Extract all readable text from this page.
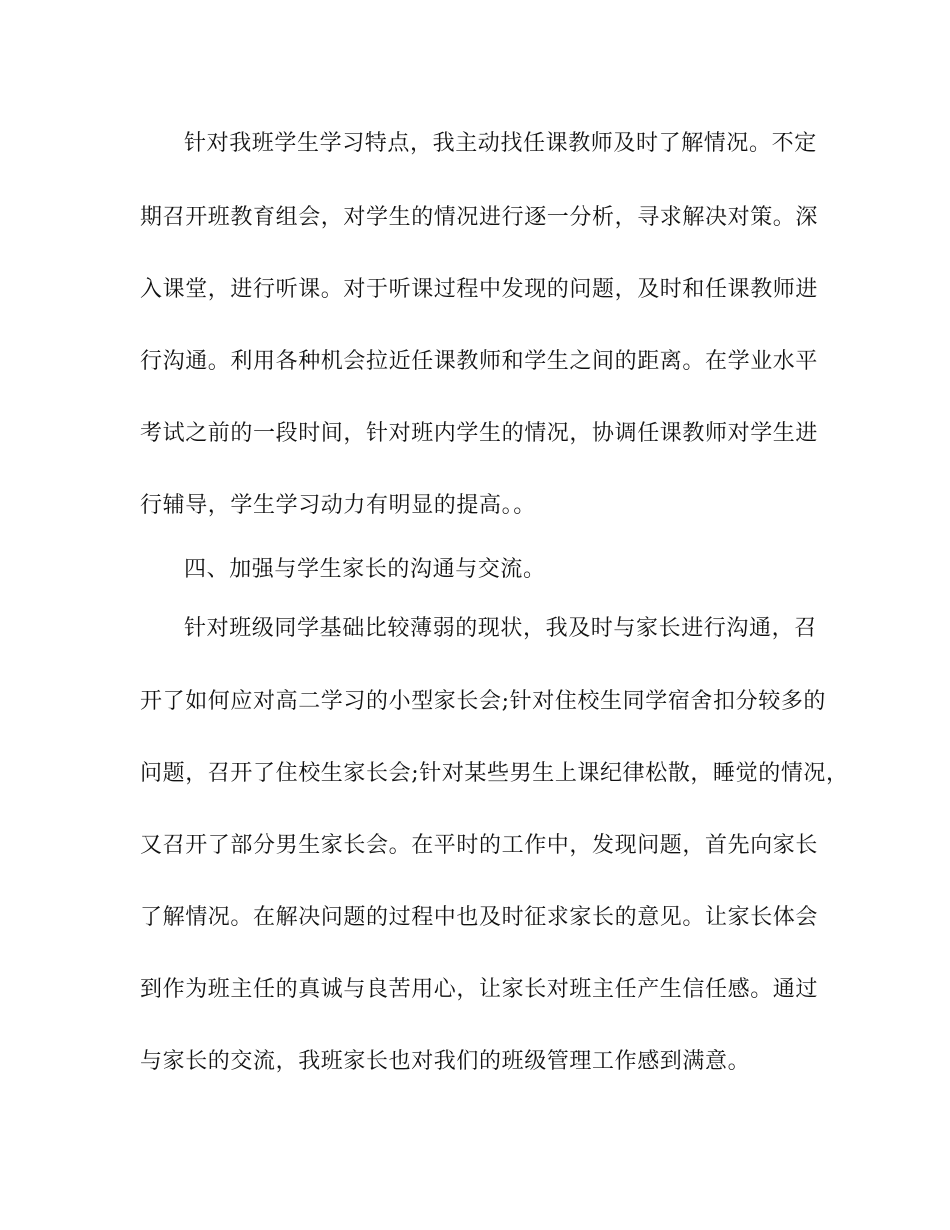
针对我班学生学习特点，我主动找任课教师及时了解情况。不定
期召开班教育组会，对学生的情况进行逐一分析，寻求解决对策。深
入课堂，进行听课。对于听课过程中发现的问题，及时和任课教师进
行沟通。利用各种机会拉近任课教师和学生之间的距离。在学业水平
考试之前的一段时间，针对班内学生的情况，协调任课教师对学生进
行辅导，学生学习动力有明显的提高。。
四、加强与学生家长的沟通与交流。
针对班级同学基础比较薄弱的现状，我及时与家长进行沟通，召
开了如何应对高二学习的小型家长会;针对住校生同学宿舍扣分较多的
问题，召开了住校生家长会;针对某些男生上课纪律松散，睡觉的情况，
又召开了部分男生家长会。在平时的工作中，发现问题，首先向家长
了解情况。在解决问题的过程中也及时征求家长的意见。让家长体会
到作为班主任的真诚与良苦用心，让家长对班主任产生信任感。通过
与家长的交流，我班家长也对我们的班级管理工作感到满意。
